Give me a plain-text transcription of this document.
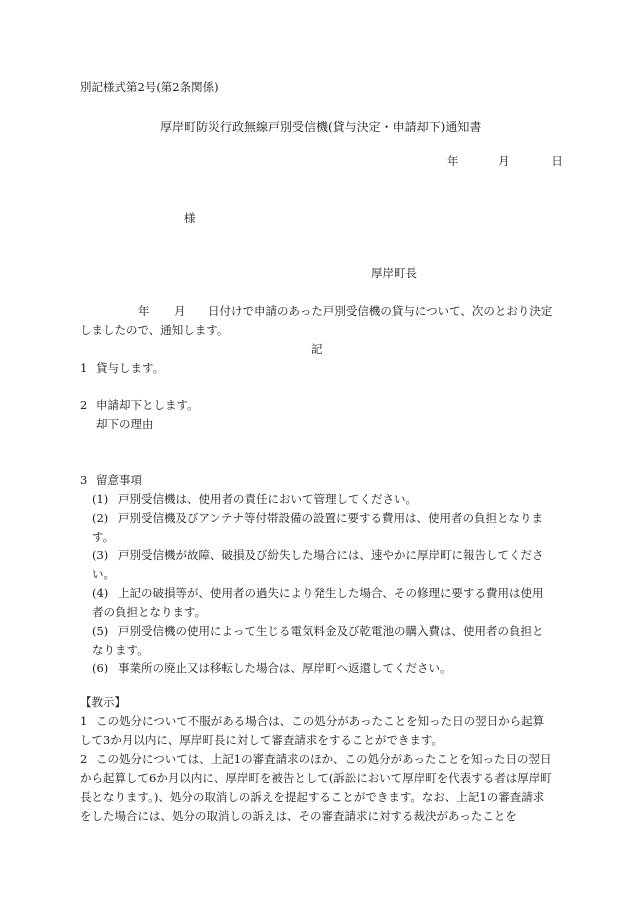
別記様式第2号(第2条関係)
厚岸町防災行政無線戸別受信機(貸与決定・申請却下)通知書
年	月	日
様
厚岸町長
年 月 日付けで申請のあった戸別受信機の貸与について、次のとおり決定
しましたので、通知します。
記
1 貸与します。
2 申請却下とします。
却下の理由
3 留意事項
(1) 戸別受信機は、使用者の責任において管理してください。
(2) 戸別受信機及びアンテナ等付帯設備の設置に要する費用は、使用者の負担となります。
(3) 戸別受信機が故障、破損及び紛失した場合には、速やかに厚岸町に報告してください。
(4) 上記の破損等が、使用者の過失により発生した場合、その修理に要する費用は使用者の負担となります。
(5) 戸別受信機の使用によって生じる電気料金及び乾電池の購入費は、使用者の負担となります。
(6) 事業所の廃止又は移転した場合は、厚岸町へ返還してください。
【教示】
1 この処分について不服がある場合は、この処分があったことを知った日の翌日から起算して3か月以内に、厚岸町長に対して審査請求をすることができます。
2 この処分については、上記1の審査請求のほか、この処分があったことを知った日の翌日から起算して6か月以内に、厚岸町を被告として(訴訟において厚岸町を代表する者は厚岸町長となります。)、処分の取消しの訴えを提起することができます。なお、上記1の審査請求をした場合には、処分の取消しの訴えは、その審査請求に対する裁決があったことを
